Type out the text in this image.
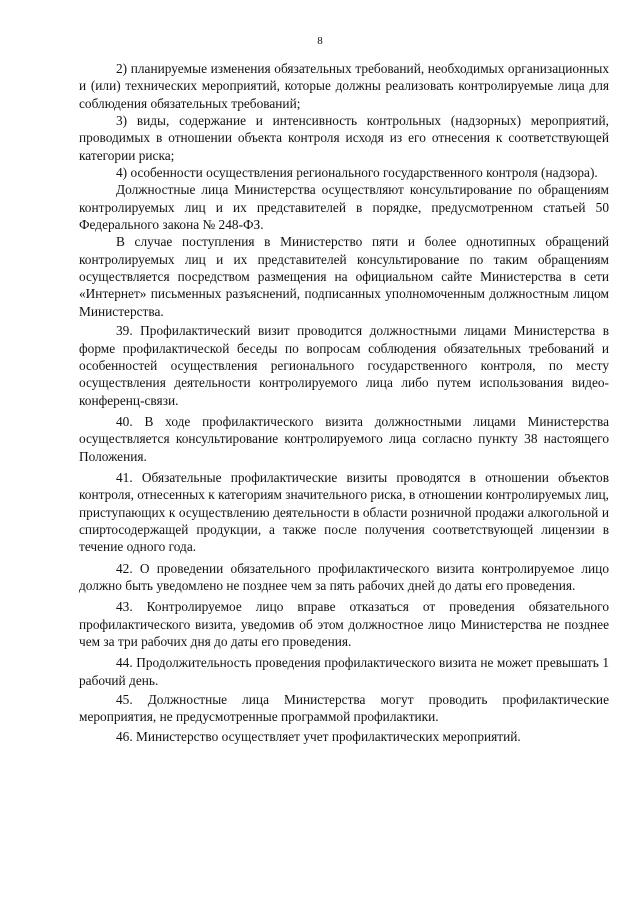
8

2) планируемые изменения обязательных требований, необходимых организационных и (или) технических мероприятий, которые должны реализовать контролируемые лица для соблюдения обязательных требований;

3) виды, содержание и интенсивность контрольных (надзорных) мероприятий, проводимых в отношении объекта контроля исходя из его отнесения к соответствующей категории риска;

4) особенности осуществления регионального государственного контроля (надзора).

Должностные лица Министерства осуществляют консультирование по обращениям контролируемых лиц и их представителей в порядке, предусмотренном статьей 50 Федерального закона № 248-ФЗ.

В случае поступления в Министерство пяти и более однотипных обращений контролируемых лиц и их представителей консультирование по таким обращениям осуществляется посредством размещения на официальном сайте Министерства в сети «Интернет» письменных разъяснений, подписанных уполномоченным должностным лицом Министерства.

39. Профилактический визит проводится должностными лицами Министерства в форме профилактической беседы по вопросам соблюдения обязательных требований и особенностей осуществления регионального государственного контроля, по месту осуществления деятельности контролируемого лица либо путем использования видео-конференц-связи.

40. В ходе профилактического визита должностными лицами Министерства осуществляется консультирование контролируемого лица согласно пункту 38 настоящего Положения.

41. Обязательные профилактические визиты проводятся в отношении объектов контроля, отнесенных к категориям значительного риска, в отношении контролируемых лиц, приступающих к осуществлению деятельности в области розничной продажи алкогольной и спиртосодержащей продукции, а также после получения соответствующей лицензии в течение одного года.

42. О проведении обязательного профилактического визита контролируемое лицо должно быть уведомлено не позднее чем за пять рабочих дней до даты его проведения.

43. Контролируемое лицо вправе отказаться от проведения обязательного профилактического визита, уведомив об этом должностное лицо Министерства не позднее чем за три рабочих дня до даты его проведения.

44. Продолжительность проведения профилактического визита не может превышать 1 рабочий день.

45. Должностные лица Министерства могут проводить профилактические мероприятия, не предусмотренные программой профилактики.

46. Министерство осуществляет учет профилактических мероприятий.
